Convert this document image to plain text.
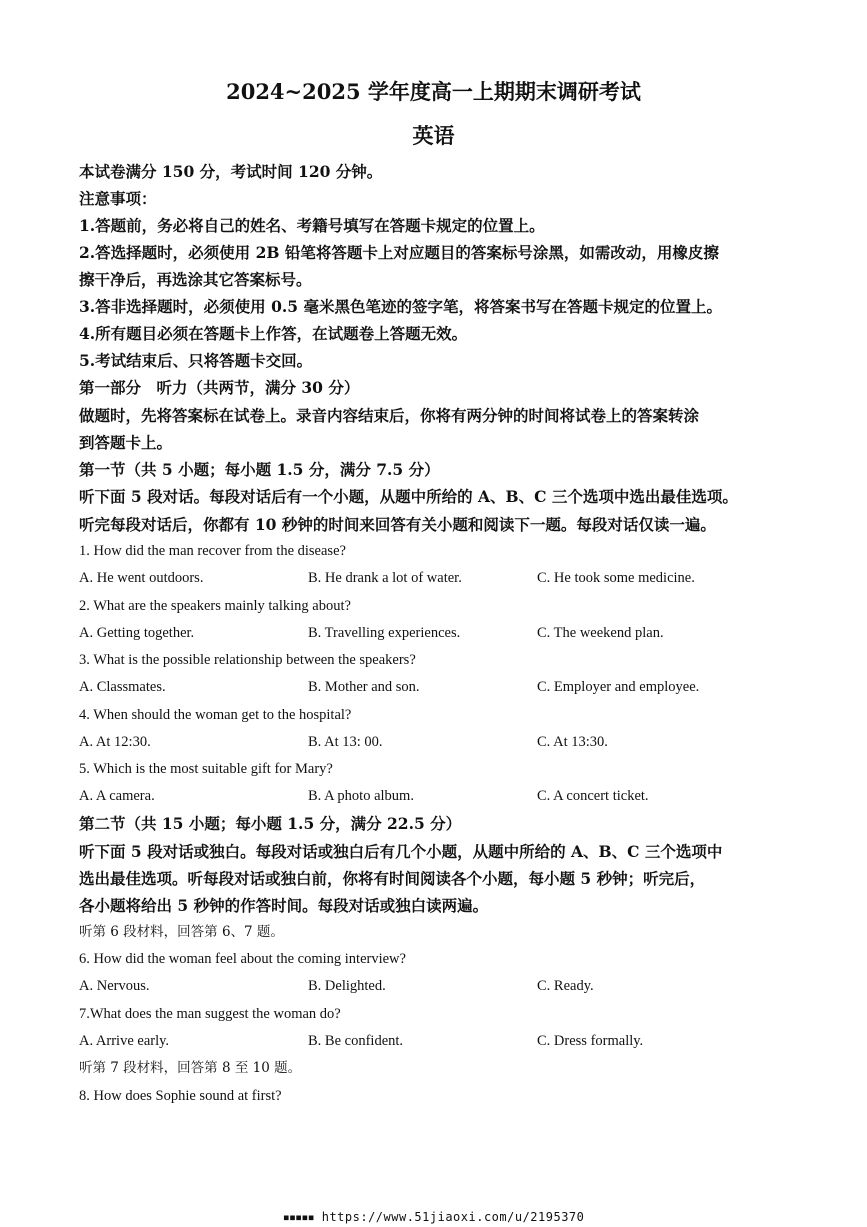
2024~2025 学年度高一上期期末调研考试
英语
本试卷满分 150 分，考试时间 120 分钟。
注意事项：
1.答题前，务必将自己的姓名、考籍号填写在答题卡规定的位置上。
2.答选择题时，必须使用 2B 铅笔将答题卡上对应题目的答案标号涂黑，如需改动，用橡皮擦
擦干净后，再选涂其它答案标号。
3.答非选择题时，必须使用 0.5 毫米黑色笔迹的签字笔，将答案书写在答题卡规定的位置上。
4.所有题目必须在答题卡上作答，在试题卷上答题无效。
5.考试结束后、只将答题卡交回。
第一部分　听力（共两节，满分 30 分）
做题时，先将答案标在试卷上。录音内容结束后，你将有两分钟的时间将试卷上的答案转涂
到答题卡上。
第一节（共 5 小题；每小题 1.5 分，满分 7.5 分）
听下面 5 段对话。每段对话后有一个小题，从题中所给的 A、B、C 三个选项中选出最佳选项。
听完每段对话后，你都有 10 秒钟的时间来回答有关小题和阅读下一题。每段对话仅读一遍。
1. How did the man recover from the disease?
A. He went outdoors.	B. He drank a lot of water.	C. He took some medicine.
2. What are the speakers mainly talking about?
A. Getting together.	B. Travelling experiences.	C. The weekend plan.
3. What is the possible relationship between the speakers?
A. Classmates.	B. Mother and son.	C. Employer and employee.
4. When should the woman get to the hospital?
A. At 12:30.	B. At 13: 00.	C. At 13:30.
5. Which is the most suitable gift for Mary?
A. A camera.	B. A photo album.	C. A concert ticket.
第二节（共 15 小题；每小题 1.5 分，满分 22.5 分）
听下面 5 段对话或独白。每段对话或独白后有几个小题，从题中所给的 A、B、C 三个选项中
选出最佳选项。听每段对话或独白前，你将有时间阅读各个小题，每小题 5 秒钟；听完后，
各小题将给出 5 秒钟的作答时间。每段对话或独白读两遍。
听第 6 段材料，回答第 6、7 题。
6. How did the woman feel about the coming interview?
A. Nervous.	B. Delighted.	C. Ready.
7.What does the man suggest the woman do?
A. Arrive early.	B. Be confident.	C. Dress formally.
听第 7 段材料，回答第 8 至 10 题。
8. How does Sophie sound at first?
▪▪▪▪▪ https://www.51jiaoxi.com/u/2195370
